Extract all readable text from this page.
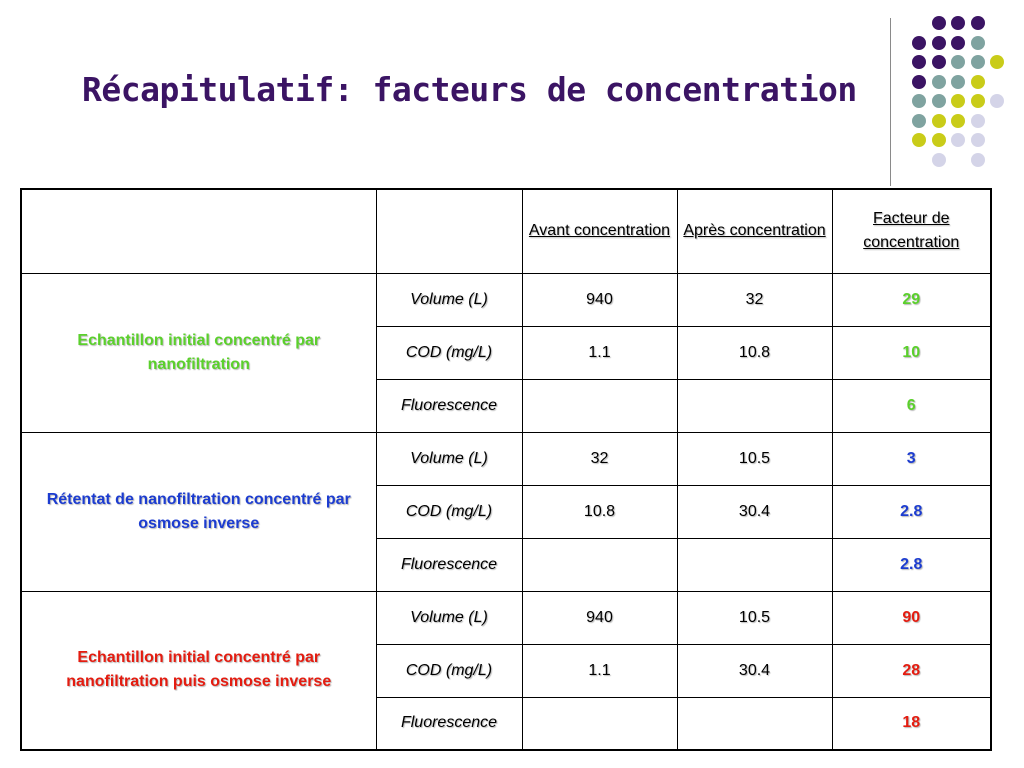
Récapitulatif: facteurs de concentration
		Avant concentration	Après concentration	Facteur de concentration
Echantillon initial concentré par nanofiltration	Volume (L)	940	32	29
	COD (mg/L)	1.1	10.8	10
	Fluorescence			6
Rétentat de nanofiltration concentré par osmose inverse	Volume (L)	32	10.5	3
	COD (mg/L)	10.8	30.4	2.8
	Fluorescence			2.8
Echantillon initial concentré par nanofiltration puis osmose inverse	Volume (L)	940	10.5	90
	COD (mg/L)	1.1	30.4	28
	Fluorescence			18
